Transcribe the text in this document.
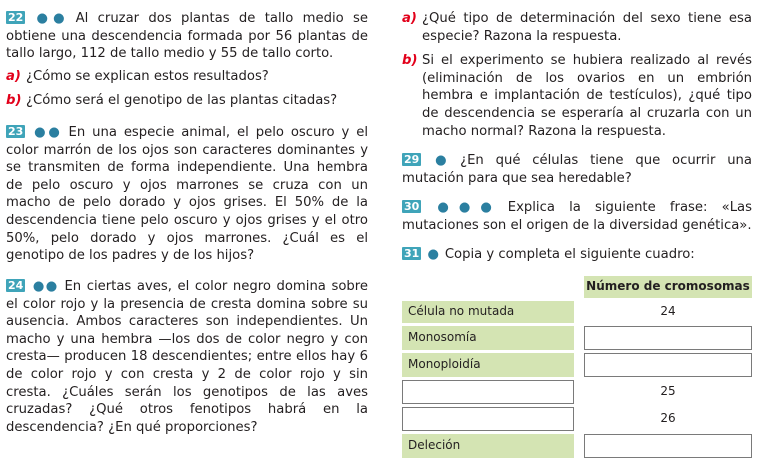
22 ●● Al cruzar dos plantas de tallo medio se obtiene una descendencia formada por 56 plantas de tallo largo, 112 de tallo medio y 55 de tallo corto.

a) ¿Cómo se explican estos resultados?
b) ¿Cómo será el genotipo de las plantas citadas?

23 ●● En una especie animal, el pelo oscuro y el color marrón de los ojos son caracteres dominantes y se transmiten de forma independiente. Una hembra de pelo oscuro y ojos marrones se cruza con un macho de pelo dorado y ojos grises. El 50% de la descendencia tiene pelo oscuro y ojos grises y el otro 50%, pelo dorado y ojos marrones. ¿Cuál es el genotipo de los padres y de los hijos?

24 ●● En ciertas aves, el color negro domina sobre el color rojo y la presencia de cresta domina sobre su ausencia. Ambos caracteres son independientes. Un macho y una hembra —los dos de color negro y con cresta— producen 18 descendientes; entre ellos hay 6 de color rojo y con cresta y 2 de color rojo y sin cresta. ¿Cuáles serán los genotipos de las aves cruzadas? ¿Qué otros fenotipos habrá en la descendencia? ¿En qué proporciones?

a) ¿Qué tipo de determinación del sexo tiene esa especie? Razona la respuesta.
b) Si el experimento se hubiera realizado al revés (eliminación de los ovarios en un embrión hembra e implantación de testículos), ¿qué tipo de descendencia se esperaría al cruzarla con un macho normal? Razona la respuesta.

29 ● ¿En qué células tiene que ocurrir una mutación para que sea heredable?

30 ●●● Explica la siguiente frase: «Las mutaciones son el origen de la diversidad genética».

31 ● Copia y completa el siguiente cuadro:

		Número de cromosomas
Célula no mutada		24
Monosomía		
Monoploidía		
		25
		26
Deleción		
